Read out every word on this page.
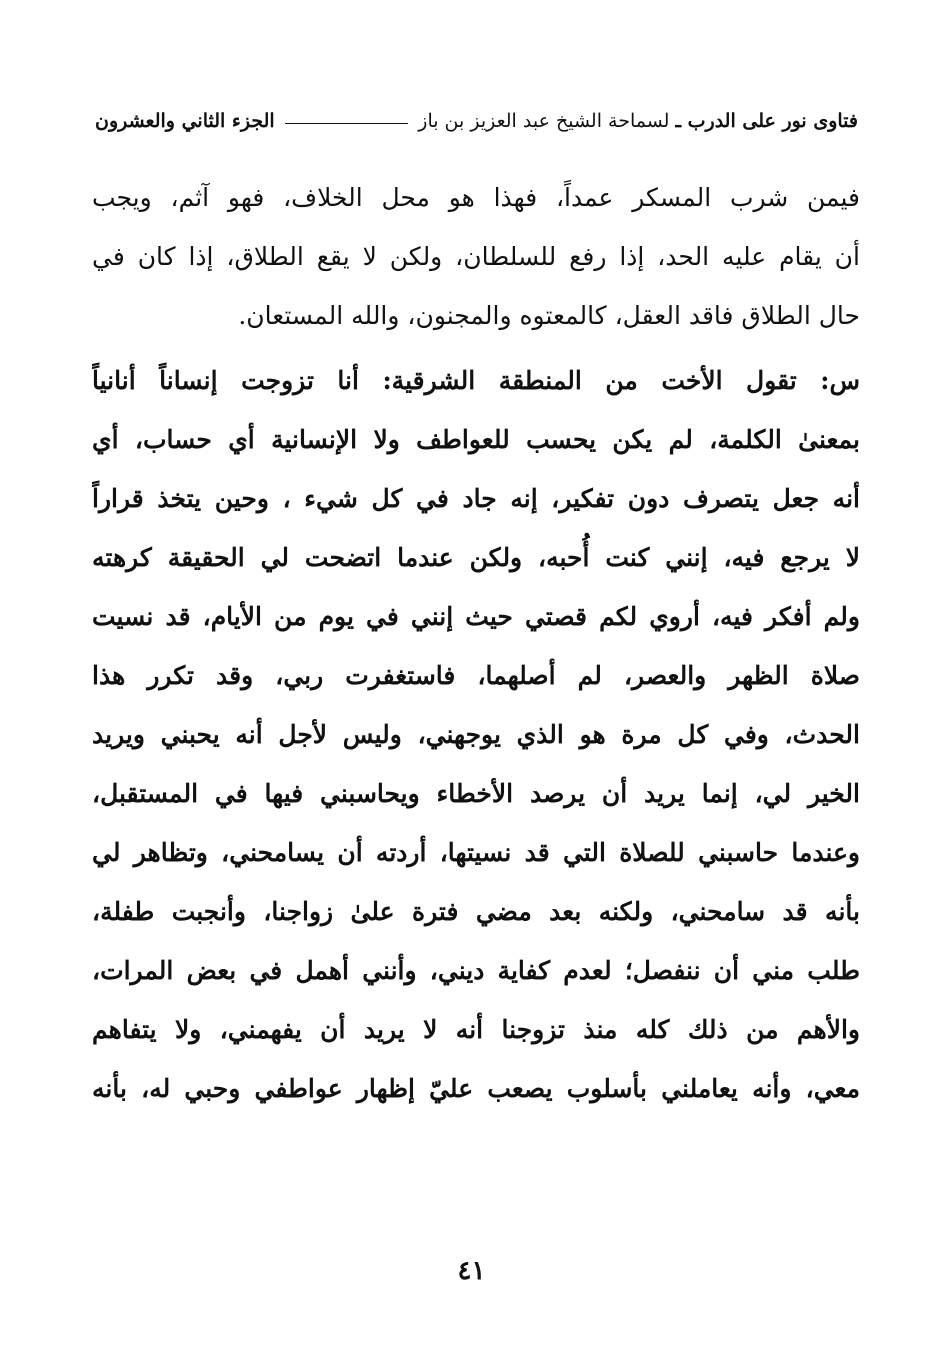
فتاوى نور على الدرب ـ
لسماحة الشيخ عبد العزيز بن باز
الجزء الثاني والعشرون
فيمن شرب المسكر عمداً، فهذا هو محل الخلاف، فهو آثم، ويجب
أن يقام عليه الحد، إذا رفع للسلطان، ولكن لا يقع الطلاق، إذا كان في
حال الطلاق فاقد العقل، كالمعتوه والمجنون، والله المستعان.
س: تقول الأخت من المنطقة الشرقية: أنا تزوجت إنساناً أنانياً
بمعنىٰ الكلمة، لم يكن يحسب للعواطف ولا الإنسانية أي حساب، أي
أنه جعل يتصرف دون تفكير، إنه جاد في كل شيء ، وحين يتخذ قراراً
لا يرجع فيه، إنني كنت أُحبه، ولكن عندما اتضحت لي الحقيقة كرهته
ولم أفكر فيه، أروي لكم قصتي حيث إنني في يوم من الأيام، قد نسيت
صلاة الظهر والعصر، لم أصلهما، فاستغفرت ربي، وقد تكرر هذا
الحدث، وفي كل مرة هو الذي يوجهني، وليس لأجل أنه يحبني ويريد
الخير لي، إنما يريد أن يرصد الأخطاء ويحاسبني فيها في المستقبل،
وعندما حاسبني للصلاة التي قد نسيتها، أردته أن يسامحني، وتظاهر لي
بأنه قد سامحني، ولكنه بعد مضي فترة علىٰ زواجنا، وأنجبت طفلة،
طلب مني أن ننفصل؛ لعدم كفاية ديني، وأنني أهمل في بعض المرات،
والأهم من ذلك كله منذ تزوجنا أنه لا يريد أن يفهمني، ولا يتفاهم
معي، وأنه يعاملني بأسلوب يصعب عليّ إظهار عواطفي وحبي له، بأنه
٤١
